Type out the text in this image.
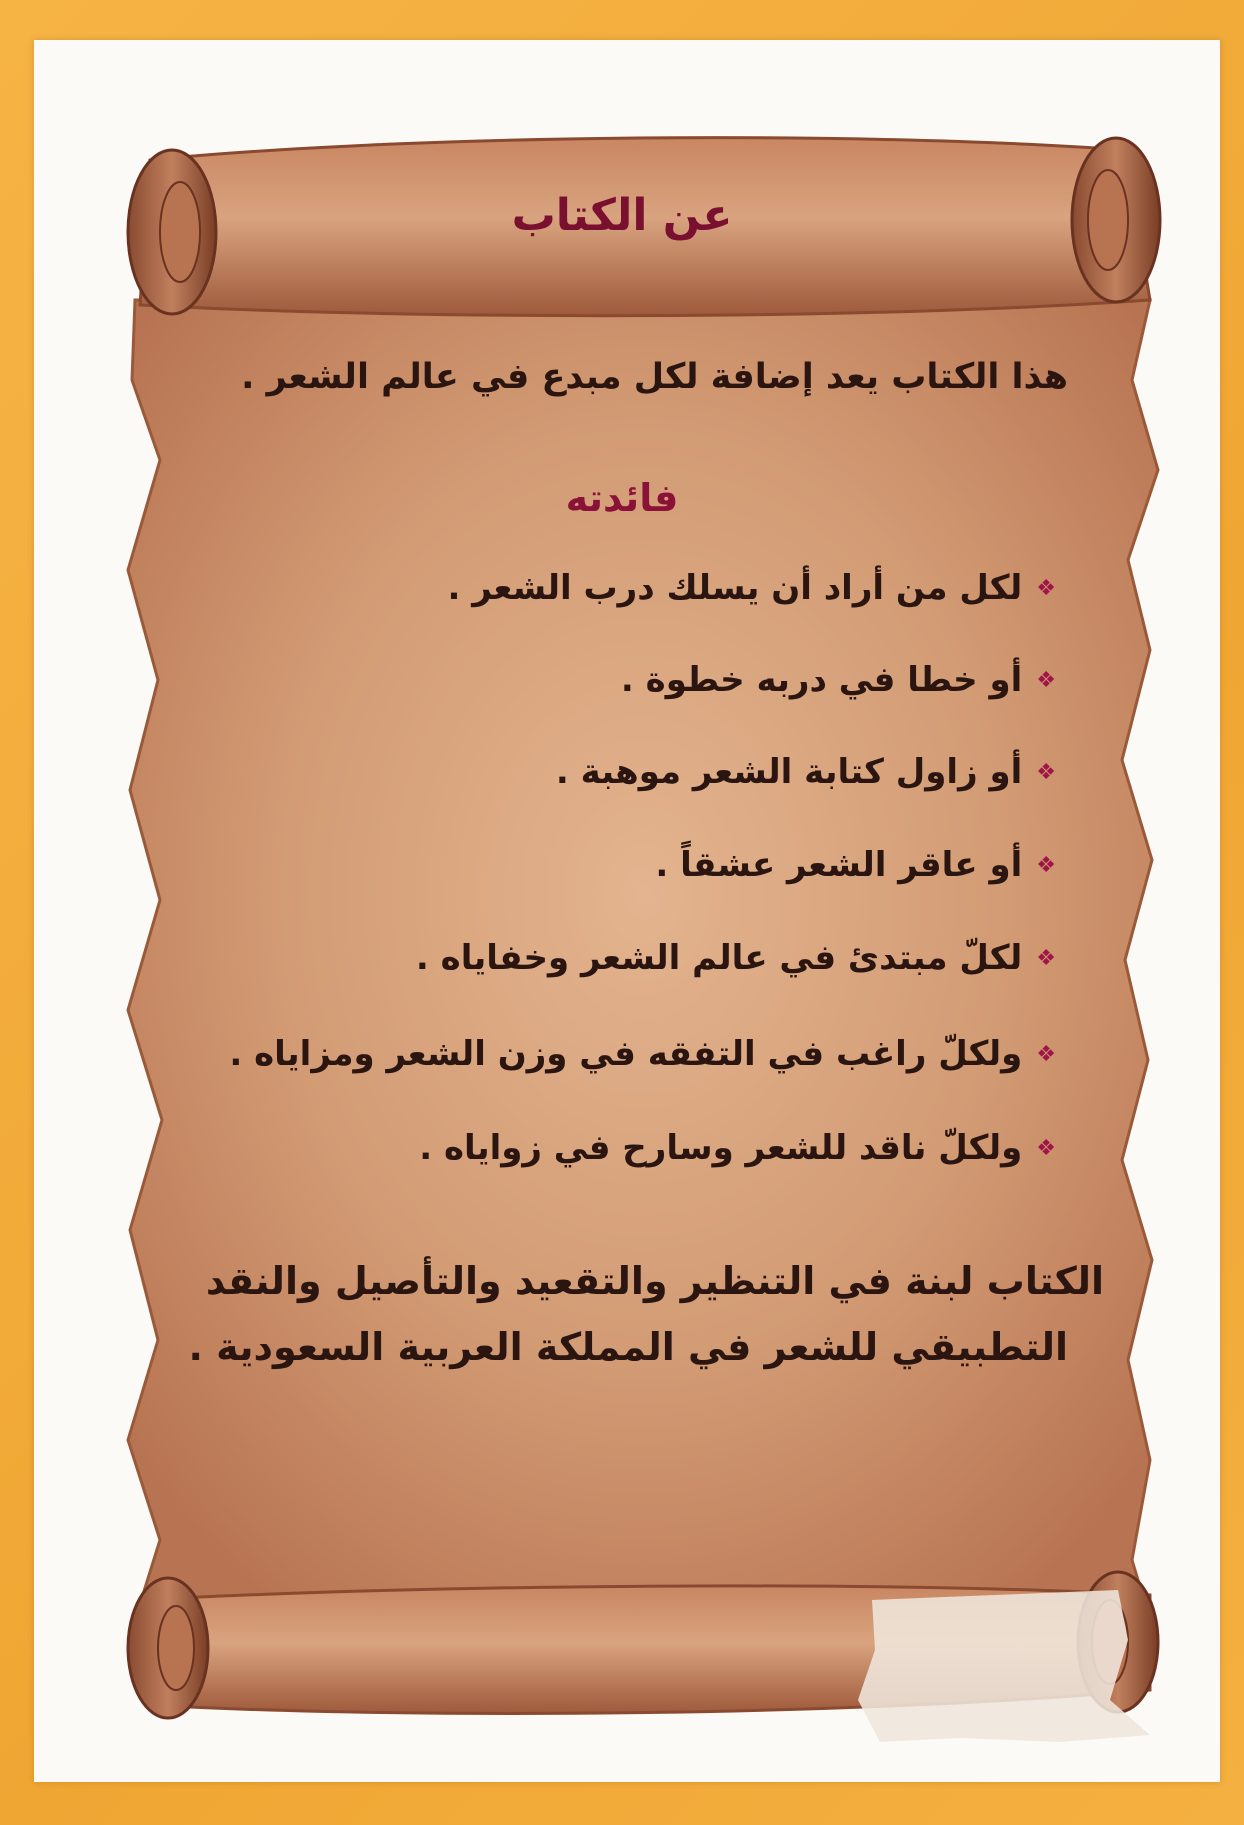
عن الكتاب
هذا الكتاب يعد إضافة لكل مبدع في عالم الشعر .
فائدته
❖
لكل من أراد أن يسلك درب الشعر .
❖
أو خطا في دربه خطوة .
❖
أو زاول كتابة الشعر موهبة .
❖
أو عاقر الشعر عشقاً .
❖
لكلّ مبتدئ في عالم الشعر وخفاياه .
❖
ولكلّ راغب في التفقه في وزن الشعر ومزاياه .
❖
ولكلّ ناقد للشعر وسارح في زواياه .
الكتاب لبنة في التنظير والتقعيد والتأصيل والنقد
التطبيقي للشعر في المملكة العربية السعودية .
